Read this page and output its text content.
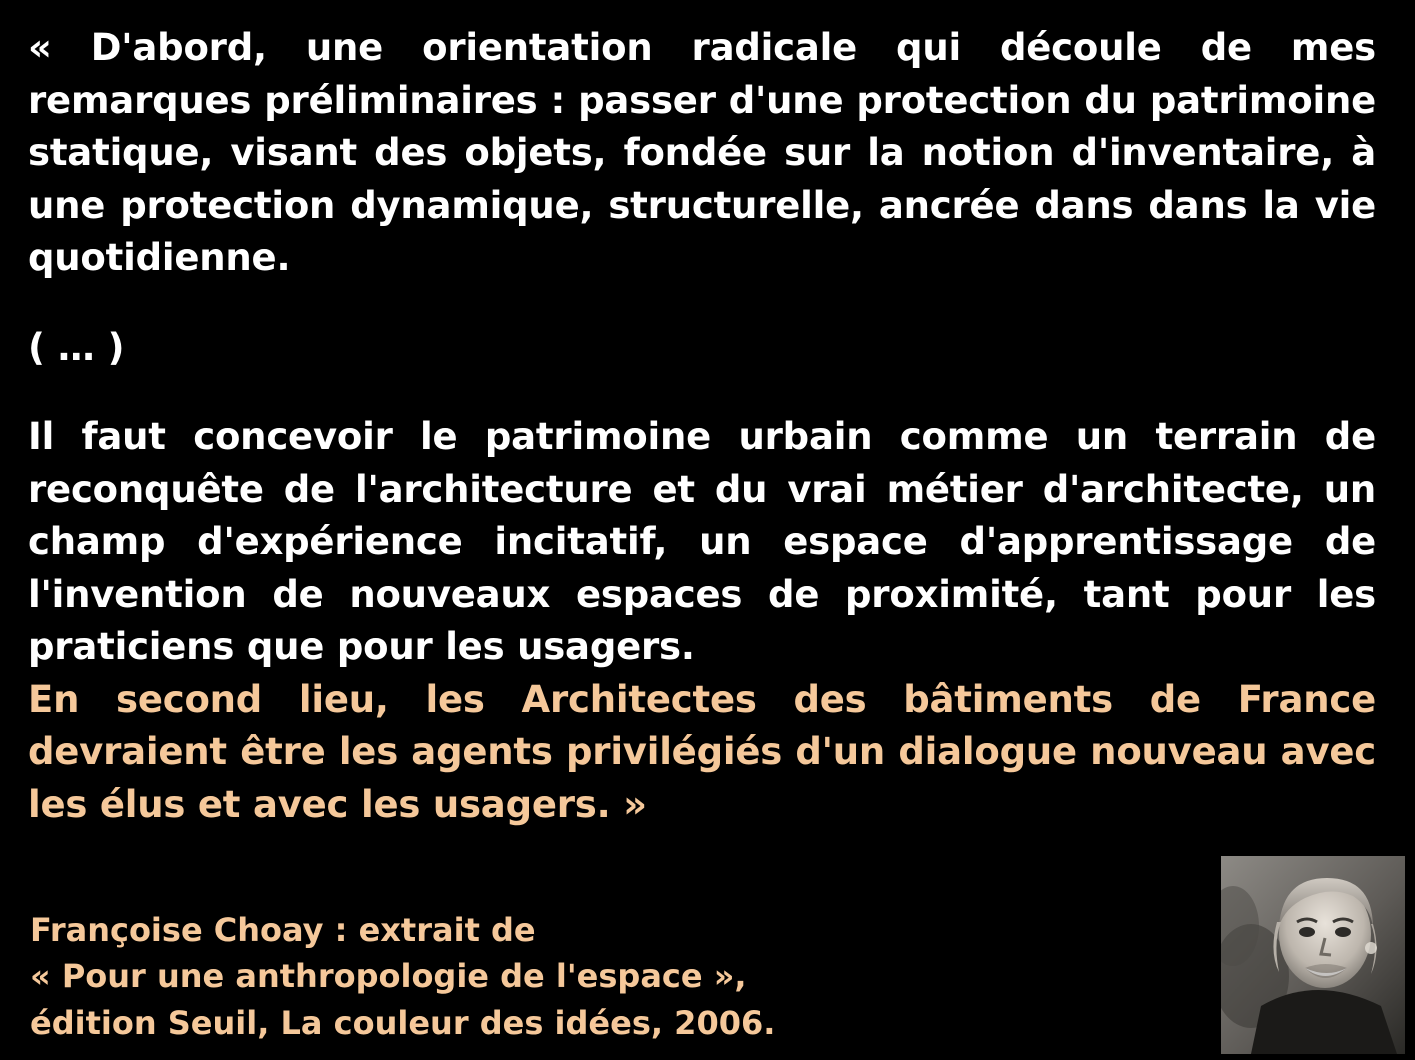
« D'abord, une orientation radicale qui découle de mes remarques préliminaires : passer d'une protection du patrimoine statique, visant des objets, fondée sur la notion d'inventaire, à une protection dynamique, structurelle, ancrée dans dans la vie quotidienne.

( … )

Il faut concevoir le patrimoine urbain comme un terrain de reconquête de l'architecture et du vrai métier d'architecte, un champ d'expérience incitatif, un espace d'apprentissage de l'invention de nouveaux espaces de proximité, tant pour les praticiens que pour les usagers.

En second lieu, les Architectes des bâtiments de France devraient être les agents privilégiés d'un dialogue nouveau avec les élus et avec les usagers. »

Françoise Choay : extrait de
« Pour une anthropologie de l'espace »,
édition Seuil, La couleur des idées, 2006.
